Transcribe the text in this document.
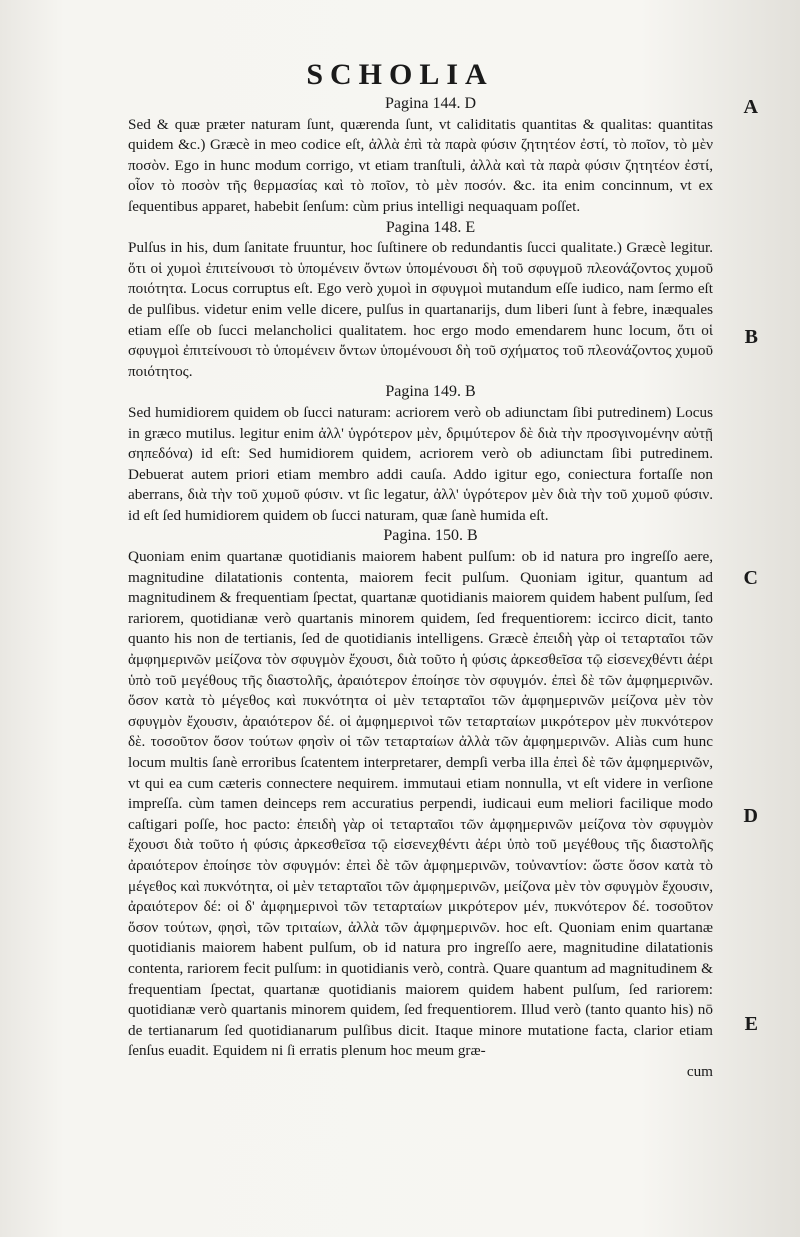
SCHOLIA
Pagina 144. D

Sed & quæ præter naturam ſunt, quærenda ſunt, vt caliditatis quantitas & qualitas: quantitas quidem &c.) Græcè in meo codice eſt, ἀλλὰ ἐπὶ τὰ παρὰ φύσιν ζητητέον ἐστί, τὸ ποῖον, τὸ μὲν ποσὸν. Ego in hunc modum corrigo, vt etiam tranſtuli, ἀλλὰ καὶ τὰ παρὰ φύσιν ζητητέον ἐστί, οἷον τὸ ποσὸν τῆς θερμασίας καὶ τὸ ποῖον, τὸ μὲν ποσόν. &c. ita enim concinnum, vt ex ſequentibus apparet, habebit ſenſum: cùm prius intelligi nequaquam poſſet.

Pagina 148. E

Pulſus in his, dum ſanitate fruuntur, hoc ſuſtinere ob redundantis ſucci qualitate.) Græcè legitur. ὅτι οἱ χυμοὶ ἐπιτείνουσι τὸ ὑπομένειν ὄντων ὑπομένουσι δὴ τοῦ σφυγμοῦ πλεονάζοντος χυμοῦ ποιότητα. Locus corruptus eſt. Ego verò χυμοὶ in σφυγμοὶ mutandum eſſe iudico, nam ſermo eſt de pulſibus. videtur enim velle dicere, pulſus in quartanarijs, dum liberi ſunt à febre, inæquales etiam eſſe ob ſucci melancholici qualitatem. hoc ergo modo emendarem hunc locum, ὅτι οἱ σφυγμοὶ ἐπιτείνουσι τὸ ὑπομένειν ὄντων ὑπομένουσι δὴ τοῦ σχήματος τοῦ πλεονάζοντος χυμοῦ ποιότητος.

Pagina 149. B

Sed humidiorem quidem ob ſucci naturam: acriorem verò ob adiunctam ſibi putredinem) Locus in græco mutilus. legitur enim ἀλλ' ὑγρότερον μὲν, δριμύτερον δὲ διὰ τὴν προσγινομένην αὐτῇ σηπεδόνα) id eſt: Sed humidiorem quidem, acriorem verò ob adiunctam ſibi putredinem. Debuerat autem priori etiam membro addi cauſa. Addo igitur ego, coniectura fortaſſe non aberrans, διὰ τὴν τοῦ χυμοῦ φύσιν. vt ſic legatur, ἀλλ' ὑγρότερον μὲν διὰ τὴν τοῦ χυμοῦ φύσιν. id eſt ſed humidiorem quidem ob ſucci naturam, quæ ſanè humida eſt.

Pagina. 150. B

Quoniam enim quartanæ quotidianis maiorem habent pulſum: ob id natura pro ingreſſo aere, magnitudine dilatationis contenta, maiorem fecit pulſum. Quoniam igitur, quantum ad magnitudinem & frequentiam ſpectat, quartanæ quotidianis maiorem quidem habent pulſum, ſed rariorem, quotidianæ verò quartanis minorem quidem, ſed frequentiorem: iccirco dicit, tanto quanto his non de tertianis, ſed de quotidianis intelligens. Græcè ἐπειδὴ γὰρ οἱ τεταρταῖοι τῶν ἀμφημερινῶν μείζονα τὸν σφυγμὸν ἔχουσι, διὰ τοῦτο ἡ φύσις ἀρκεσθεῖσα τῷ εἰσενεχθέντι ἀέρι ὑπὸ τοῦ μεγέθους τῆς διαστολῆς, ἀραιότερον ἐποίησε τὸν σφυγμόν. ἐπεὶ δὲ τῶν ἀμφημερινῶν. ὅσον κατὰ τὸ μέγεθος καὶ πυκνότητα οἱ μὲν τεταρταῖοι τῶν ἀμφημερινῶν μείζονα μὲν τὸν σφυγμὸν ἔχουσιν, ἀραιότερον δέ. οἱ ἀμφημερινοὶ τῶν τεταρταίων μικρότερον μὲν πυκνότερον δὲ. τοσοῦτον ὅσον τούτων φησὶν οἱ τῶν τεταρταίων ἀλλὰ τῶν ἀμφημερινῶν. Aliàs cum hunc locum multis ſanè erroribus ſcatentem interpretarer, dempſi verba illa ἐπεὶ δὲ τῶν ἀμφημερινῶν, vt qui ea cum cæteris connectere nequirem. immutaui etiam nonnulla, vt eſt videre in verſione impreſſa. cùm tamen deinceps rem accuratius perpendi, iudicaui eum meliori facilique modo caſtigari poſſe, hoc pacto: ἐπειδὴ γὰρ οἱ τεταρταῖοι τῶν ἀμφημερινῶν μείζονα τὸν σφυγμὸν ἔχουσι διὰ τοῦτο ἡ φύσις ἀρκεσθεῖσα τῷ εἰσενεχθέντι ἀέρι ὑπὸ τοῦ μεγέθους τῆς διαστολῆς ἀραιότερον ἐποίησε τὸν σφυγμόν: ἐπεὶ δὲ τῶν ἀμφημερινῶν, τοὐναντίον: ὥστε ὅσον κατὰ τὸ μέγεθος καὶ πυκνότητα, οἱ μὲν τεταρταῖοι τῶν ἀμφημερινῶν, μείζονα μὲν τὸν σφυγμὸν ἔχουσιν, ἀραιότερον δέ: οἱ δ' ἀμφημερινοὶ τῶν τεταρταίων μικρότερον μέν, πυκνότερον δέ. τοσοῦτον ὅσον τούτων, φησὶ, τῶν τριταίων, ἀλλὰ τῶν ἀμφημερινῶν. hoc eſt. Quoniam enim quartanæ quotidianis maiorem habent pulſum, ob id natura pro ingreſſo aere, magnitudine dilatationis contenta, rariorem fecit pulſum: in quotidianis verò, contrà. Quare quantum ad magnitudinem & frequentiam ſpectat, quartanæ quotidianis maiorem quidem habent pulſum, ſed rariorem: quotidianæ verò quartanis minorem quidem, ſed frequentiorem. Illud verò (tanto quanto his) nō de tertianarum ſed quotidianarum pulſibus dicit. Itaque minore mutatione facta, clarior etiam ſenſus euadit. Equidem ni ſi erratis plenum hoc meum græ-

cum

A
B
C
D
E
